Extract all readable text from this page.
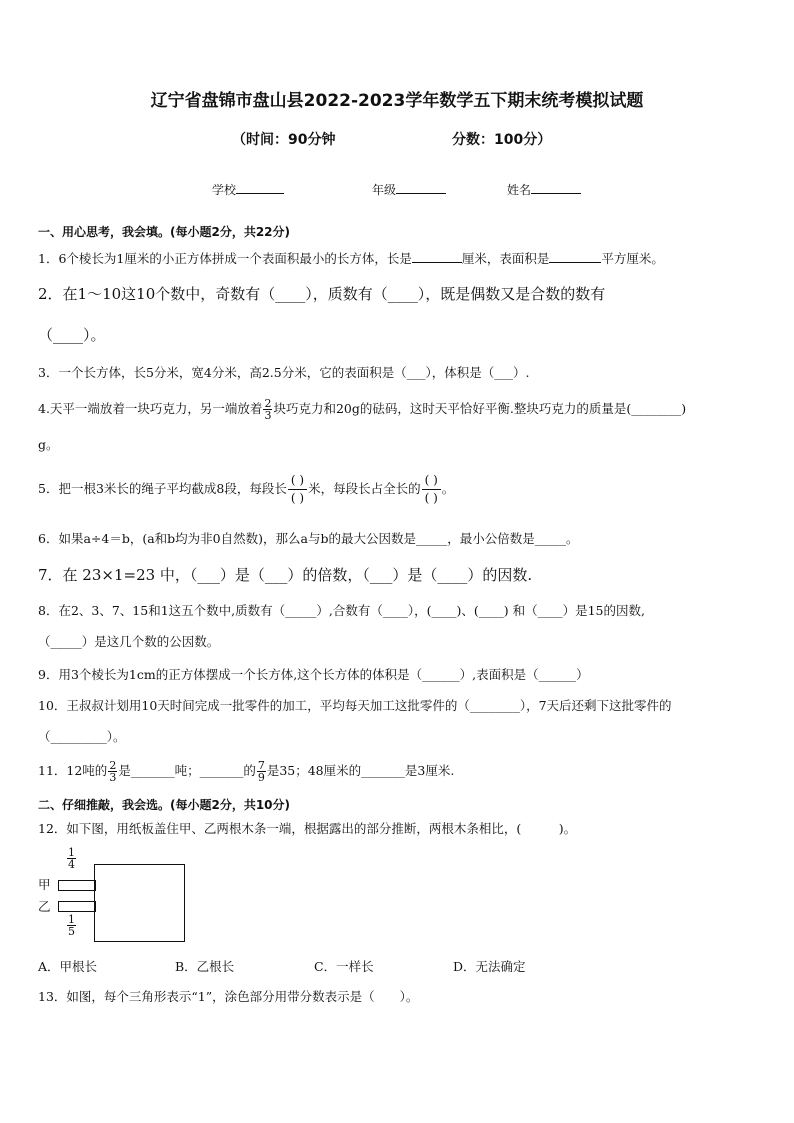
辽宁省盘锦市盘山县2022-2023学年数学五下期末统考模拟试题
（时间：90分钟	分数：100分）
学校	年级	姓名
一、用心思考，我会填。(每小题2分，共22分)
1．6个棱长为1厘米的小正方体拼成一个表面积最小的长方体，长是	厘米，表面积是	平方厘米。
2．在1～10这10个数中，奇数有（____），质数有（____），既是偶数又是合数的数有
（____）。
3．一个长方体，长5分米，宽4分米，高2.5分米，它的表面积是（___），体积是（___）.
4.天平一端放着一块巧克力，另一端放着 $\frac{2}{3}$ 块巧克力和20g的砝码，这时天平恰好平衡.整块巧克力的质量是(________)
g。
5．把一根3米长的绳子平均截成8段，每段长
( )
( )
米，每段长占全长的
( )
( )
。
6．如果a÷4＝b，(a和b均为非0自然数)，那么a与b的最大公因数是_____，最小公倍数是_____。
7．在 23×1=23 中，（___）是（___）的倍数，（___）是（____）的因数.
8．在2、3、7、15和1这五个数中,质数有（_____）,合数有（____），(____)、(____) 和（____）是15的因数,
（_____）是这几个数的公因数。
9．用3个棱长为1cm的正方体摆成一个长方体,这个长方体的体积是（______）,表面积是（______）
10．王叔叔计划用10天时间完成一批零件的加工，平均每天加工这批零件的（________），7天后还剩下这批零件的
（_________）。
11．12吨的 $\frac{2}{3}$ 是_______吨；_______的 $\frac{7}{9}$ 是35；48厘米的_______是3厘米.
二、仔细推敲，我会选。(每小题2分，共10分)
12．如下图，用纸板盖住甲、乙两根木条一端，根据露出的部分推断，两根木条相比，(　　　)。
$\frac{1}{4}$
甲
乙
$\frac{1}{5}$
A．甲根长	B．乙根长	C．一样长	D．无法确定
13．如图，每个三角形表示“1”，涂色部分用带分数表示是（　　）。
